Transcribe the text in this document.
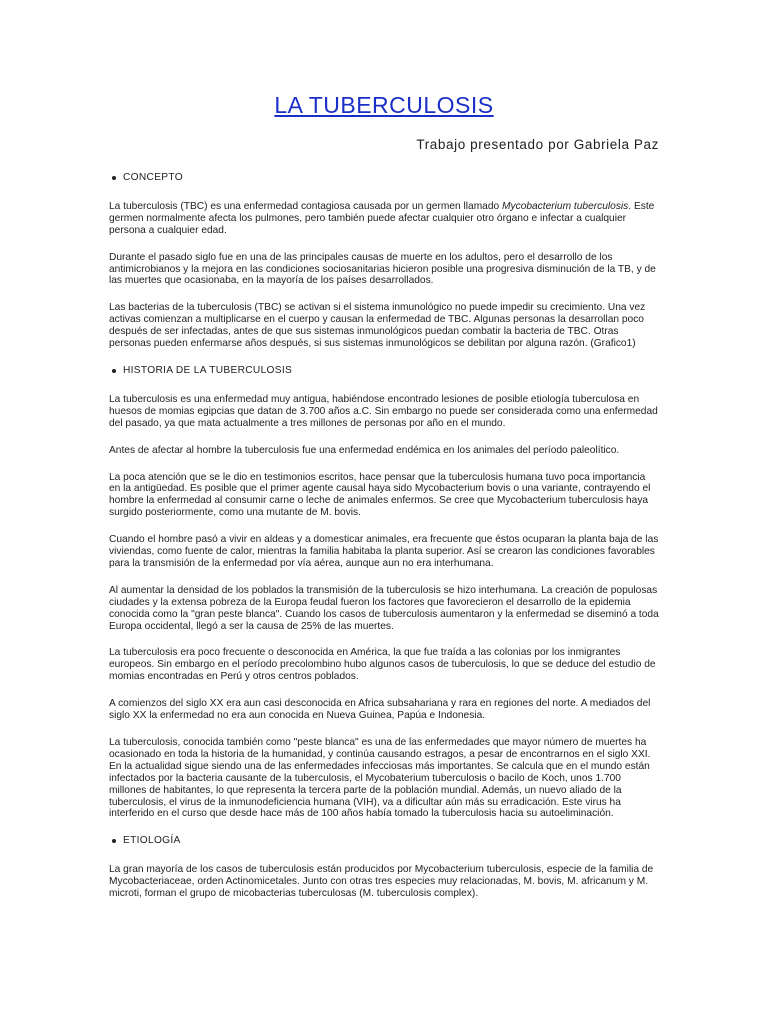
LA TUBERCULOSIS
Trabajo presentado por Gabriela Paz
CONCEPTO

La tuberculosis (TBC) es una enfermedad contagiosa causada por un germen llamado Mycobacterium tuberculosis. Este germen normalmente afecta los pulmones, pero también puede afectar cualquier otro órgano e infectar a cualquier persona a cualquier edad.

Durante el pasado siglo fue en una de las principales causas de muerte en los adultos, pero el desarrollo de los antimicrobianos y la mejora en las condiciones sociosanitarias hicieron posible una progresiva disminución de la TB, y de las muertes que ocasionaba, en la mayoría de los países desarrollados.

Las bacterias de la tuberculosis (TBC) se activan si el sistema inmunológico no puede impedir su crecimiento. Una vez activas comienzan a multiplicarse en el cuerpo y causan la enfermedad de TBC. Algunas personas la desarrollan poco después de ser infectadas, antes de que sus sistemas inmunológicos puedan combatir la bacteria de TBC. Otras personas pueden enfermarse años después, si sus sistemas inmunológicos se debilitan por alguna razón. (Grafico1)

HISTORIA DE LA TUBERCULOSIS

La tuberculosis es una enfermedad muy antigua, habiéndose encontrado lesiones de posible etiología tuberculosa en huesos de momias egipcias que datan de 3.700 años a.C. Sin embargo no puede ser considerada como una enfermedad del pasado, ya que mata actualmente a tres millones de personas por año en el mundo.

Antes de afectar al hombre la tuberculosis fue una enfermedad endémica en los animales del período paleolítico.

La poca atención que se le dio en testimonios escritos, hace pensar que la tuberculosis humana tuvo poca importancia en la antigüedad. Es posible que el primer agente causal haya sido Mycobacterium bovis o una variante, contrayendo el hombre la enfermedad al consumir carne o leche de animales enfermos. Se cree que Mycobacterium tuberculosis haya surgido posteriormente, como una mutante de M. bovis.

Cuando el hombre pasó a vivir en aldeas y a domesticar animales, era frecuente que éstos ocuparan la planta baja de las viviendas, como fuente de calor, mientras la familia habitaba la planta superior. Así se crearon las condiciones favorables para la transmisión de la enfermedad por vía aérea, aunque aun no era interhumana.

Al aumentar la densidad de los poblados la transmisión de la tuberculosis se hizo interhumana. La creación de populosas ciudades y la extensa pobreza de la Europa feudal fueron los factores que favorecieron el desarrollo de la epidemia conocida como la "gran peste blanca". Cuando los casos de tuberculosis aumentaron y la enfermedad se diseminó a toda Europa occidental, llegó a ser la causa de 25% de las muertes.

La tuberculosis era poco frecuente o desconocida en América, la que fue traída a las colonias por los inmigrantes europeos. Sin embargo en el período precolombino hubo algunos casos de tuberculosis, lo que se deduce del estudio de momias encontradas en Perú y otros centros poblados.

A comienzos del siglo XX era aun casi desconocida en Africa subsahariana y rara en regiones del norte. A mediados del siglo XX la enfermedad no era aun conocida en Nueva Guinea, Papúa e Indonesia.

La tuberculosis, conocida también como "peste blanca" es una de las enfermedades que mayor número de muertes ha ocasionado en toda la historia de la humanidad, y continúa causando estragos, a pesar de encontrarnos en el siglo XXI. En la actualidad sigue siendo una de las enfermedades infecciosas más importantes. Se calcula que en el mundo están infectados por la bacteria causante de la tuberculosis, el Mycobaterium tuberculosis o bacilo de Koch, unos 1.700 millones de habitantes, lo que representa la tercera parte de la población mundial. Además, un nuevo aliado de la tuberculosis, el virus de la inmunodeficiencia humana (VIH), va a dificultar aún más su erradicación. Este virus ha interferido en el curso que desde hace más de 100 años había tomado la tuberculosis hacia su autoeliminación.

ETIOLOGÍA

La gran mayoría de los casos de tuberculosis están producidos por Mycobacterium tuberculosis, especie de la familia de Mycobacteriaceae, orden Actinomicetales. Junto con otras tres especies muy relacionadas, M. bovis, M. africanum y M. microti, forman el grupo de micobacterias tuberculosas (M. tuberculosis complex).
